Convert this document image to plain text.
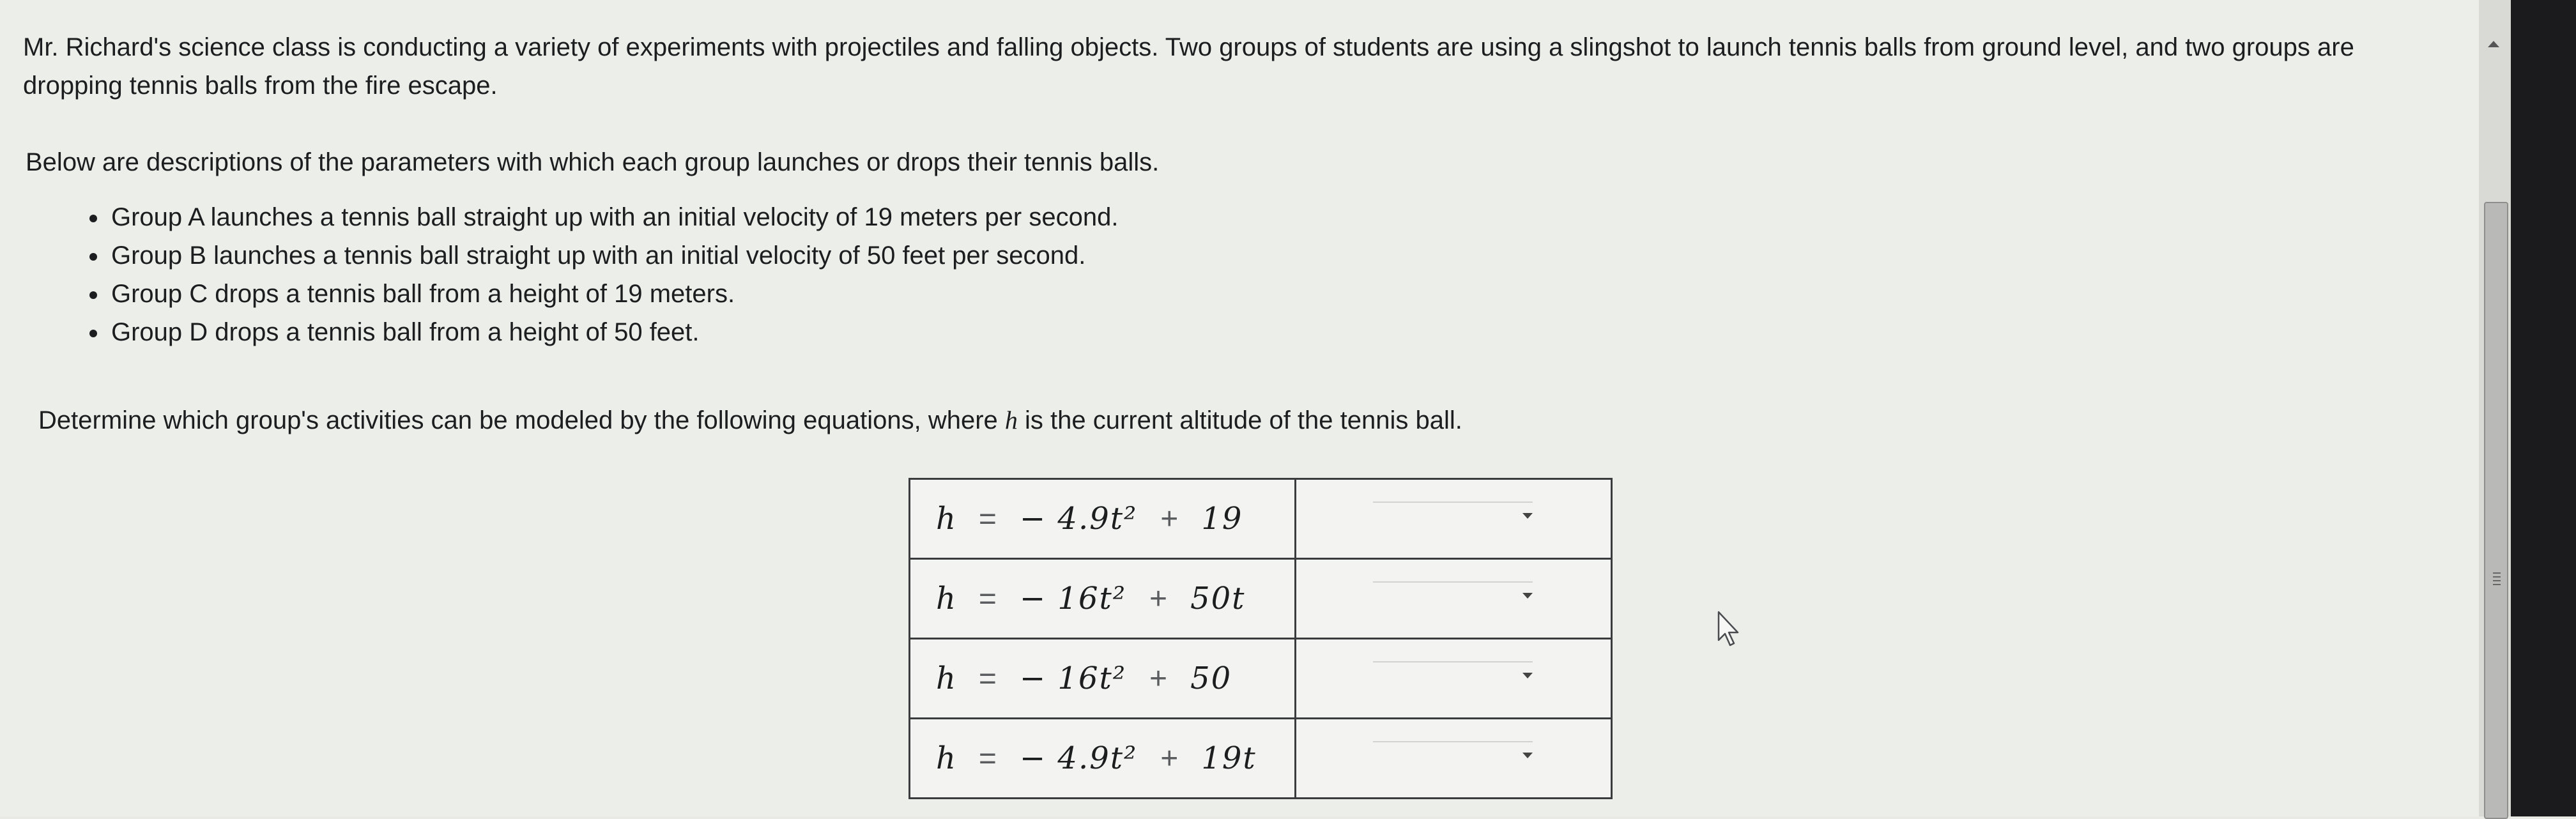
Mr. Richard's science class is conducting a variety of experiments with projectiles and falling objects. Two groups of students are using a slingshot to launch tennis balls from ground level, and two groups are dropping tennis balls from the fire escape.
Below are descriptions of the parameters with which each group launches or drops their tennis balls.
• Group A launches a tennis ball straight up with an initial velocity of 19 meters per second.
• Group B launches a tennis ball straight up with an initial velocity of 50 feet per second.
• Group C drops a tennis ball from a height of 19 meters.
• Group D drops a tennis ball from a height of 50 feet.
Determine which group's activities can be modeled by the following equations, where h is the current altitude of the tennis ball.
h = − 4.9t² + 19	

h = − 16t² + 50t	

h = − 16t² + 50	

h = − 4.9t² + 19t	
